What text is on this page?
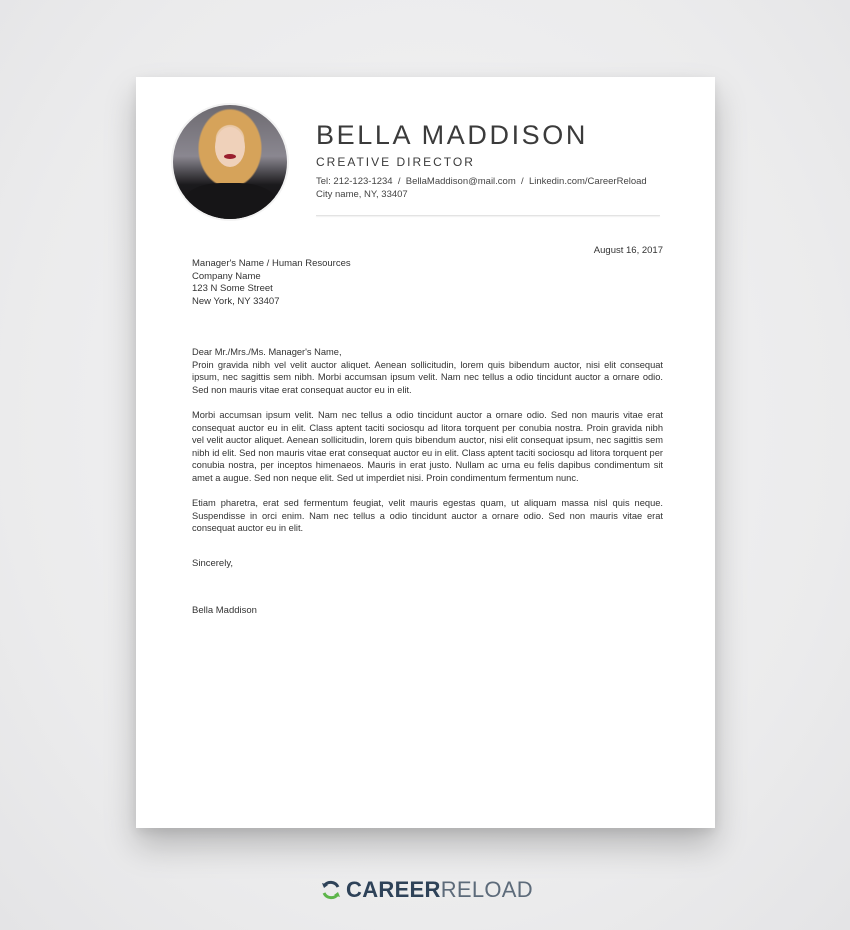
BELLA MADDISON
CREATIVE DIRECTOR
Tel: 212-123-1234  /  BellaMaddison@mail.com  /  Linkedin.com/CareerReload
City name, NY, 33407
August 16, 2017
Manager's Name / Human Resources
Company Name
123 N Some Street
New York, NY 33407
Dear Mr./Mrs./Ms. Manager's Name,

Proin gravida nibh vel velit auctor aliquet. Aenean sollicitudin, lorem quis bibendum auctor, nisi elit consequat ipsum, nec sagittis sem nibh. Morbi accumsan ipsum velit. Nam nec tellus a odio tincidunt auctor a ornare odio. Sed non mauris vitae erat consequat auctor eu in elit.

Morbi accumsan ipsum velit. Nam nec tellus a odio tincidunt auctor a ornare odio. Sed non mauris vitae erat consequat auctor eu in elit. Class aptent taciti sociosqu ad litora torquent per conubia nostra. Proin gravida nibh vel velit auctor aliquet. Aenean sollicitudin, lorem quis bibendum auctor, nisi elit consequat ipsum, nec sagittis sem nibh id elit. Sed non mauris vitae erat consequat auctor eu in elit. Class aptent taciti sociosqu ad litora torquent per conubia nostra, per inceptos himenaeos. Mauris in erat justo. Nullam ac urna eu felis dapibus condimentum sit amet a augue. Sed non neque elit. Sed ut imperdiet nisi. Proin condimentum fermentum nunc.

Etiam pharetra, erat sed fermentum feugiat, velit mauris egestas quam, ut aliquam massa nisl quis neque. Suspendisse in orci enim. Nam nec tellus a odio tincidunt auctor a ornare odio. Sed non mauris vitae erat consequat auctor eu in elit.

Sincerely,
Bella Maddison
CAREER RELOAD
